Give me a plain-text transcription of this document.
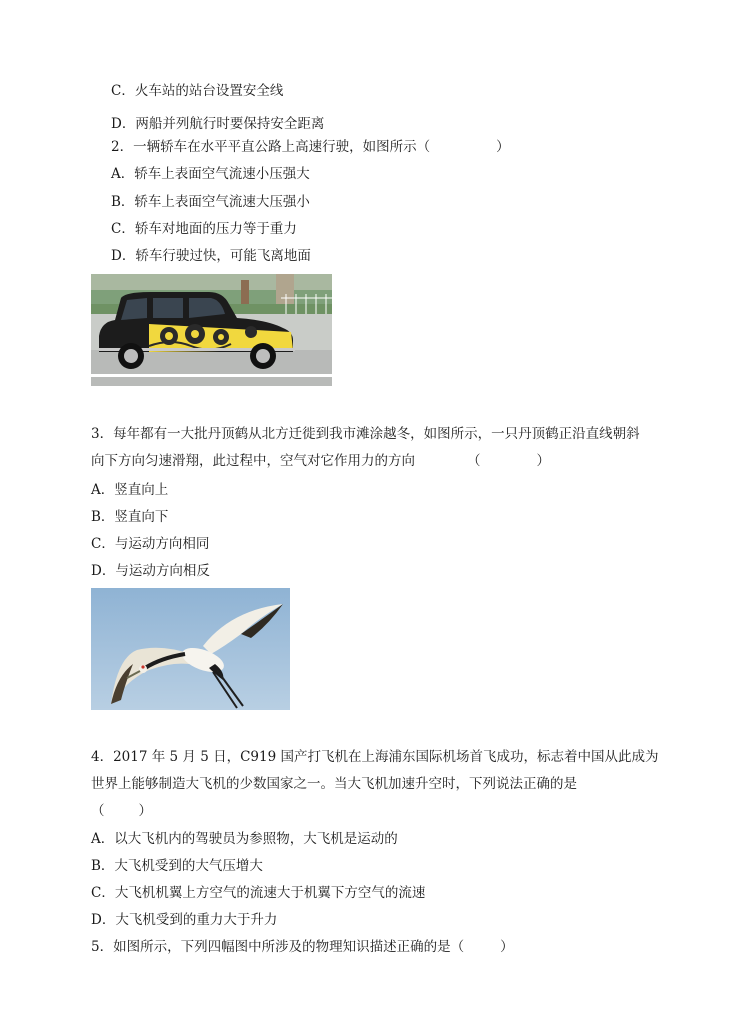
C．火车站的站台设置安全线
D．两船并列航行时要保持安全距离
2．一辆轿车在水平平直公路上高速行驶，如图所示（	）
A．轿车上表面空气流速小压强大
B．轿车上表面空气流速大压强小
C．轿车对地面的压力等于重力
D．轿车行驶过快，可能飞离地面
3．每年都有一大批丹顶鹤从北方迁徙到我市滩涂越冬，如图所示，一只丹顶鹤正沿直线朝斜
向下方向匀速滑翔，此过程中，空气对它作用力的方向	（	）
A．竖直向上
B．竖直向下
C．与运动方向相同
D．与运动方向相反
4．2017 年 5 月 5 日，C919 国产打飞机在上海浦东国际机场首飞成功，标志着中国从此成为
世界上能够制造大飞机的少数国家之一。当大飞机加速升空时，下列说法正确的是
（	）
A．以大飞机内的驾驶员为参照物，大飞机是运动的
B．大飞机受到的大气压增大
C．大飞机机翼上方空气的流速大于机翼下方空气的流速
D．大飞机受到的重力大于升力
5．如图所示，下列四幅图中所涉及的物理知识描述正确的是（	）
